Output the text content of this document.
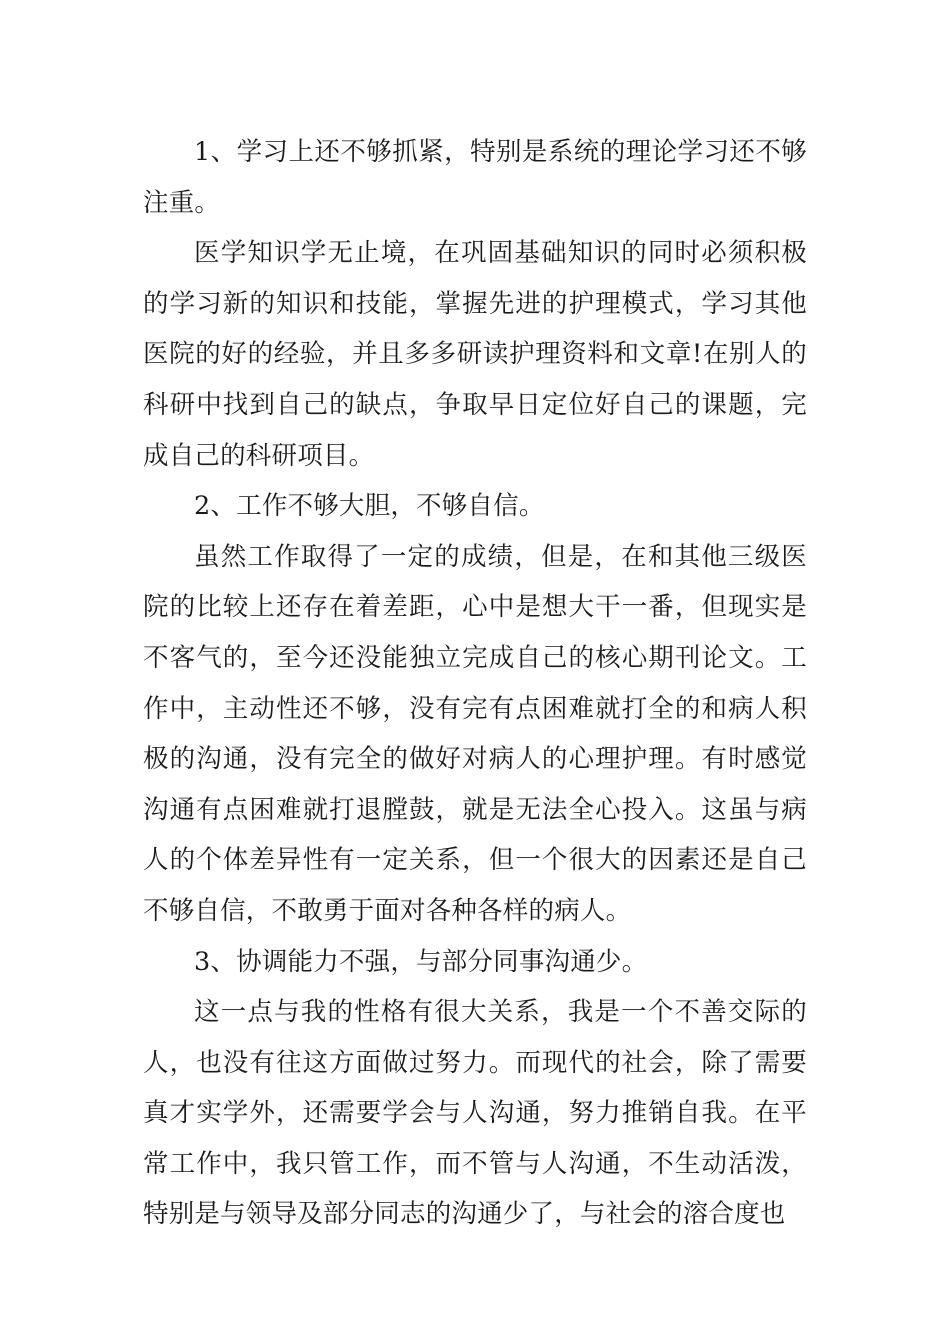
1、学习上还不够抓紧，特别是系统的理论学习还不够注重。

医学知识学无止境，在巩固基础知识的同时必须积极的学习新的知识和技能，掌握先进的护理模式，学习其他医院的好的经验，并且多多研读护理资料和文章!在别人的科研中找到自己的缺点，争取早日定位好自己的课题，完成自己的科研项目。

2、工作不够大胆，不够自信。

虽然工作取得了一定的成绩，但是，在和其他三级医院的比较上还存在着差距，心中是想大干一番，但现实是不客气的，至今还没能独立完成自己的核心期刊论文。工作中，主动性还不够，没有完有点困难就打全的和病人积极的沟通，没有完全的做好对病人的心理护理。有时感觉沟通有点困难就打退膛鼓，就是无法全心投入。这虽与病人的个体差异性有一定关系，但一个很大的因素还是自己不够自信，不敢勇于面对各种各样的病人。

3、协调能力不强，与部分同事沟通少。

这一点与我的性格有很大关系，我是一个不善交际的人，也没有往这方面做过努力。而现代的社会，除了需要真才实学外，还需要学会与人沟通，努力推销自我。在平常工作中，我只管工作，而不管与人沟通，不生动活泼，特别是与领导及部分同志的沟通少了，与社会的溶合度也
